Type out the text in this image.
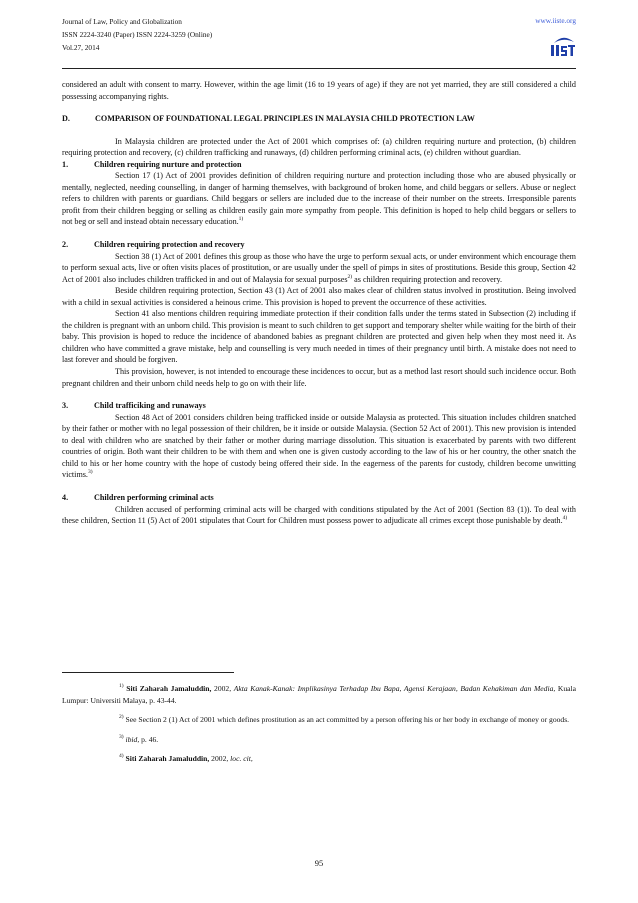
Journal of Law, Policy and Globalization
ISSN 2224-3240 (Paper) ISSN 2224-3259 (Online)
Vol.27, 2014
www.iiste.org

considered an adult with consent to marry. However, within the age limit (16 to 19 years of age) if they are not yet married, they are still considered a child possessing accompanying rights.

D.	COMPARISON OF FOUNDATIONAL LEGAL PRINCIPLES IN MALAYSIA CHILD PROTECTION LAW

In Malaysia children are protected under the Act of 2001 which comprises of: (a) children requiring nurture and protection, (b) children requiring protection and recovery, (c) children trafficking and runaways, (d) children performing criminal acts, (e) children without guardian.

1.	Children requiring nurture and protection

Section 17 (1) Act of 2001 provides definition of children requiring nurture and protection including those who are abused physically or mentally, neglected, needing counselling, in danger of harming themselves, with background of broken home, and child beggars or sellers. Abuse or neglect refers to children with parents or guardians. Child beggars or sellers are included due to the increase of their number on the streets. Irresponsible parents profit from their children begging or selling as children easily gain more sympathy from people. This definition is hoped to help child beggars or sellers to not beg or sell and instead obtain necessary education.$^{1)}$

2.	Children requiring protection and recovery

Section 38 (1) Act of 2001 defines this group as those who have the urge to perform sexual acts, or under environment which encourage them to perform sexual acts, live or often visits places of prostitution, or are usually under the spell of pimps in sites of prostitutions. Beside this group, Section 42 Act of 2001 also includes children trafficked in and out of Malaysia for sexual purposes$^{2)}$ as children requiring protection and recovery.

Beside children requiring protection, Section 43 (1) Act of 2001 also makes clear of children status involved in prostitution. Being involved with a child in sexual activities is considered a heinous crime. This provision is hoped to prevent the occurrence of these activities.

Section 41 also mentions children requiring immediate protection if their condition falls under the terms stated in Subsection (2) including if the children is pregnant with an unborn child. This provision is meant to such children to get support and temporary shelter while waiting for the birth of their baby. This provision is hoped to reduce the incidence of abandoned babies as pregnant children are protected and given help when they most need it. As children who have committed a grave mistake, help and counselling is very much needed in times of their pregnancy until birth. A mistake does not need to last forever and should be forgiven.

This provision, however, is not intended to encourage these incidences to occur, but as a method last resort should such incidence occur. Both pregnant children and their unborn child needs help to go on with their life.

3.	Child trafficiking and runaways

Section 48 Act of 2001 considers children being trafficked inside or outside Malaysia as protected. This situation includes children snatched by their father or mother with no legal possession of their children, be it inside or outside Malaysia. (Section 52 Act of 2001). This new provision is intended to deal with children who are snatched by their father or mother during marriage dissolution. This situation is exacerbated by parents with two different countries of origin. Both want their children to be with them and when one is given custody according to the law of his or her country, the other snatch the child to his or her home country with the hope of custody being offered their side. In the eagerness of the parents for custody, children become unwitting victims.$^{3)}$

4.	Children performing criminal acts

Children accused of performing criminal acts will be charged with conditions stipulated by the Act of 2001 (Section 83 (1)). To deal with these children, Section 11 (5) Act of 2001 stipulates that Court for Children must possess power to adjudicate all crimes except those punishable by death.$^{4)}$

$^{1)}$ Siti Zaharah Jamaluddin, 2002, Akta Kanak-Kanak: Implikasinya Terhadap Ibu Bapa, Agensi Kerajaan, Badan Kehakiman dan Media, Kuala Lumpur: Universiti Malaya, p. 43-44.

$^{2)}$ See Section 2 (1) Act of 2001 which defines prostitution as an act committed by a person offering his or her body in exchange of money or goods.

$^{3)}$ ibid, p. 46.

$^{4)}$ Siti Zaharah Jamaluddin, 2002, loc. cit,

95
